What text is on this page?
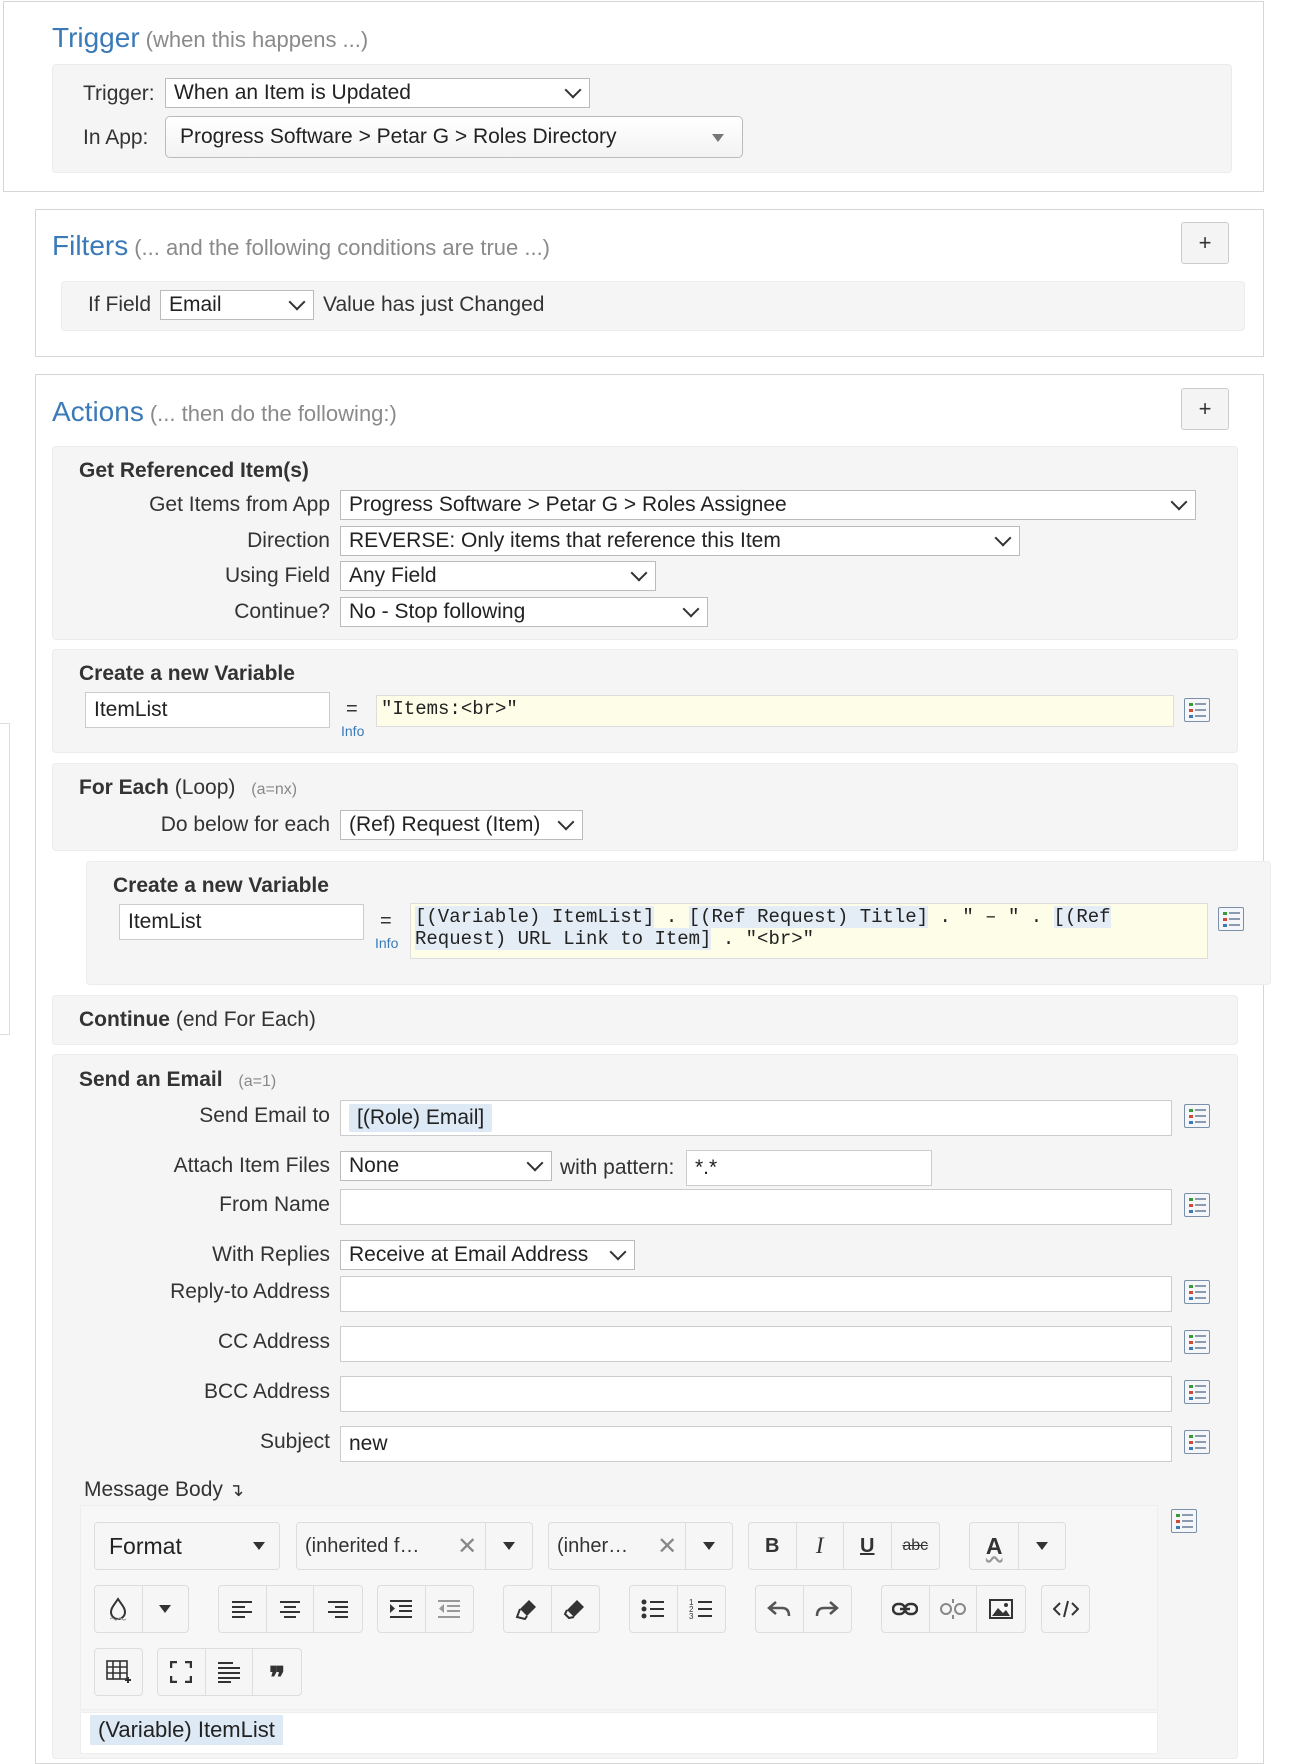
Trigger (when this happens ...)
Trigger: When an Item is Updated
In App: Progress Software > Petar G > Roles Directory
Filters (... and the following conditions are true ...)	+
If Field Email	Value has just Changed
Actions (... then do the following:)	+
Get Referenced Item(s)
Get Items from App Progress Software > Petar G > Roles Assignee
Direction REVERSE: Only items that reference this Item
Using Field Any Field
Continue? No - Stop following
Create a new Variable
ItemList	=
Info
"Items:<br>"
For Each (Loop) (a=nx)
Do below for each (Ref) Request (Item)
Create a new Variable
ItemList	=
Info
[(Variable) ItemList] . [(Ref Request) Title] . " – " . [(Ref
Request) URL Link to Item] . "<br>"
Continue (end For Each)
Send an Email (a=1)
Send Email to	[(Role) Email]
Attach Item Files None	with pattern: *.*
From Name
With Replies Receive at Email Address
Reply-to Address
CC Address
BCC Address
Subject new
Message Body ↴
Format	(inherited f… ✕	(inher… ✕	B	I	U	abc	A
1
2
3
❞
(Variable) ItemList
